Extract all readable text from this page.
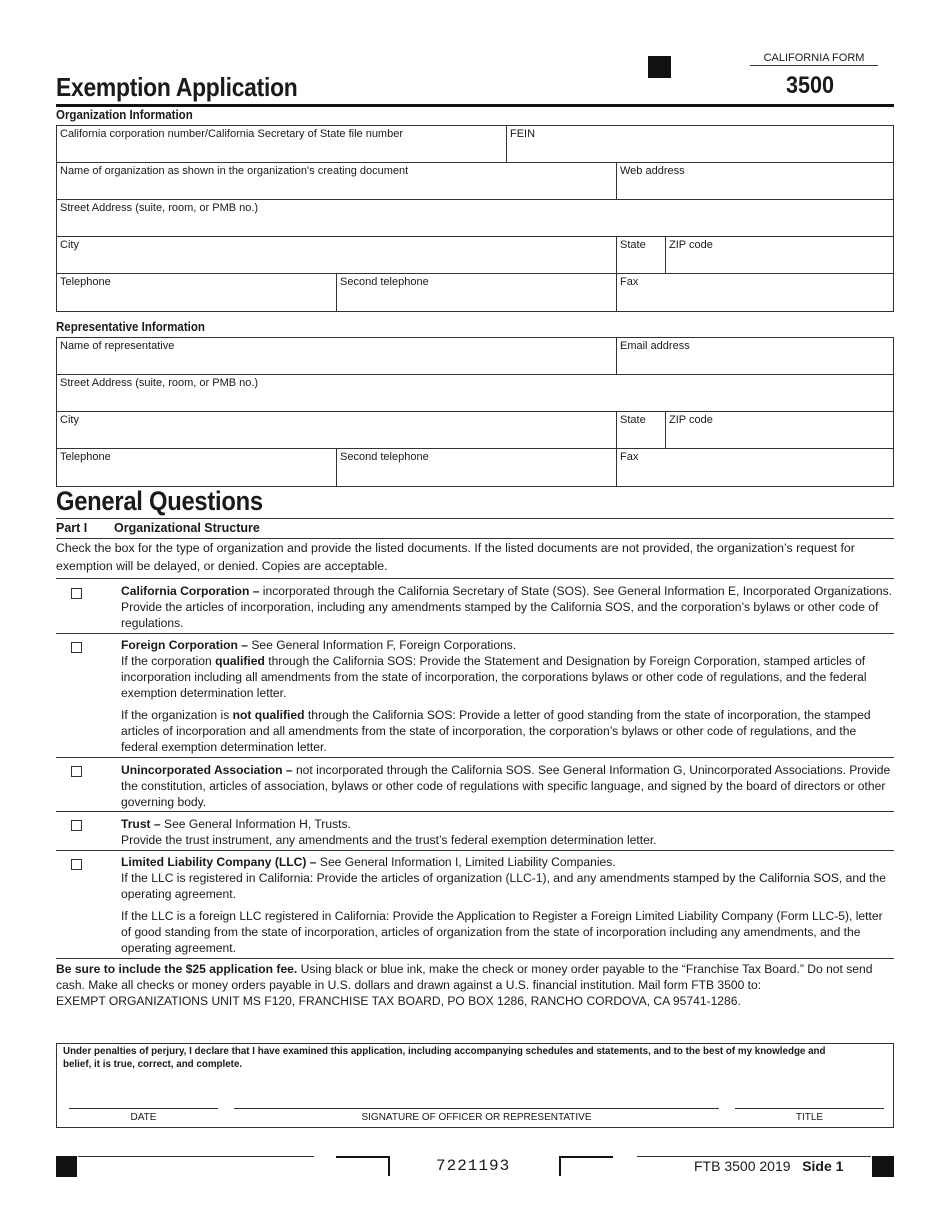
CALIFORNIA FORM
3500
Exemption Application
Organization Information
California corporation number/California Secretary of State file number	FEIN
Name of organization as shown in the organization's creating document	Web address
Street Address (suite, room, or PMB no.)
City	State	ZIP code
Telephone	Second telephone	Fax
Representative Information
Name of representative	Email address
Street Address (suite, room, or PMB no.)
City	State	ZIP code
Telephone	Second telephone	Fax
General Questions
Part I Organizational Structure
Check the box for the type of organization and provide the listed documents. If the listed documents are not provided, the organization’s request for exemption will be delayed, or denied. Copies are acceptable.

California Corporation – incorporated through the California Secretary of State (SOS). See General Information E, Incorporated Organizations. Provide the articles of incorporation, including any amendments stamped by the California SOS, and the corporation’s bylaws or other code of regulations.

Foreign Corporation – See General Information F, Foreign Corporations.
If the corporation qualified through the California SOS: Provide the Statement and Designation by Foreign Corporation, stamped articles of incorporation including all amendments from the state of incorporation, the corporations bylaws or other code of regulations, and the federal exemption determination letter.

If the organization is not qualified through the California SOS: Provide a letter of good standing from the state of incorporation, the stamped articles of incorporation and all amendments from the state of incorporation, the corporation’s bylaws or other code of regulations, and the federal exemption determination letter.

Unincorporated Association – not incorporated through the California SOS. See General Information G, Unincorporated Associations. Provide the constitution, articles of association, bylaws or other code of regulations with specific language, and signed by the board of directors or other governing body.

Trust – See General Information H, Trusts.
Provide the trust instrument, any amendments and the trust’s federal exemption determination letter.

Limited Liability Company (LLC) – See General Information I, Limited Liability Companies.
If the LLC is registered in California: Provide the articles of organization (LLC-1), and any amendments stamped by the California SOS, and the operating agreement.

If the LLC is a foreign LLC registered in California: Provide the Application to Register a Foreign Limited Liability Company (Form LLC-5), letter of good standing from the state of incorporation, articles of organization from the state of incorporation including any amendments, and the operating agreement.

Be sure to include the $25 application fee. Using black or blue ink, make the check or money order payable to the “Franchise Tax Board.” Do not send cash. Make all checks or money orders payable in U.S. dollars and drawn against a U.S. financial institution. Mail form FTB 3500 to:
EXEMPT ORGANIZATIONS UNIT MS F120, FRANCHISE TAX BOARD, PO BOX 1286, RANCHO CORDOVA, CA 95741-1286.
Under penalties of perjury, I declare that I have examined this application, including accompanying schedules and statements, and to the best of my knowledge and belief, it is true, correct, and complete.
DATE	SIGNATURE OF OFFICER OR REPRESENTATIVE	TITLE
7221193	FTB 3500 2019 Side 1
